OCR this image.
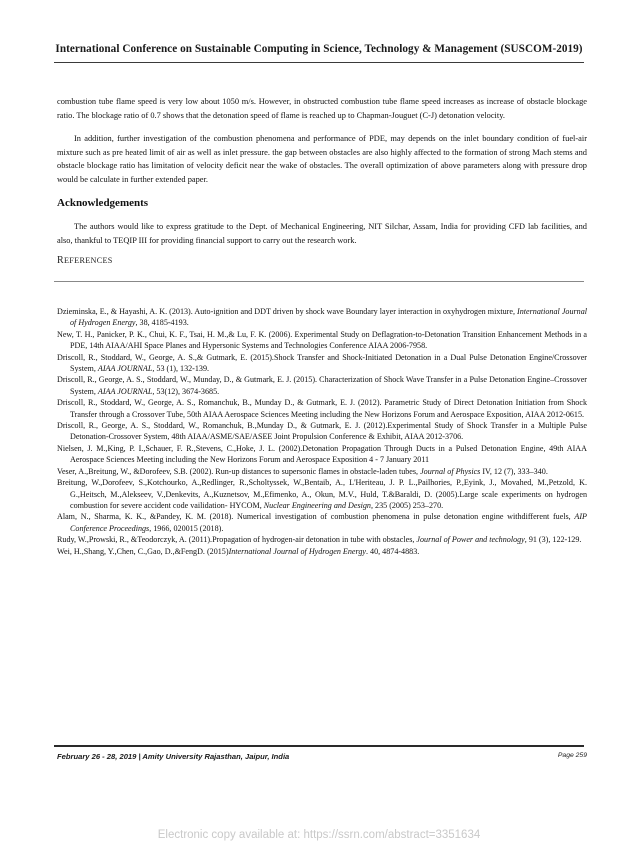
International Conference on Sustainable Computing in Science, Technology & Management (SUSCOM-2019)

combustion tube flame speed is very low about 1050 m/s. However, in obstructed combustion tube flame speed increases as increase of obstacle blockage ratio. The blockage ratio of 0.7 shows that the detonation speed of flame is reached up to Chapman-Jouguet (C-J) detonation velocity.

In addition, further investigation of the combustion phenomena and performance of PDE, may depends on the inlet boundary condition of fuel-air mixture such as pre heated limit of air as well as inlet pressure. the gap between obstacles are also highly affected to the formation of strong Mach stems and obstacle blockage ratio has limitation of velocity deficit near the wake of obstacles. The overall optimization of above parameters along with pressure drop would be calculate in further extended paper.

Acknowledgements

The authors would like to express gratitude to the Dept. of Mechanical Engineering, NIT Silchar, Assam, India for providing CFD lab facilities, and also, thankful to TEQIP III for providing financial support to carry out the research work.

REFERENCES
Dzieminska, E., & Hayashi, A. K. (2013). Auto-ignition and DDT driven by shock wave Boundary layer interaction in oxyhydrogen mixture, International Journal of Hydrogen Energy, 38, 4185-4193.
New, T. H., Panicker, P. K., Chui, K. F., Tsai, H. M.,& Lu, F. K. (2006). Experimental Study on Deflagration-to-Detonation Transition Enhancement Methods in a PDE, 14th AIAA/AHI Space Planes and Hypersonic Systems and Technologies Conference AIAA 2006-7958.
Driscoll, R., Stoddard, W., George, A. S.,& Gutmark, E. (2015).Shock Transfer and Shock-Initiated Detonation in a Dual Pulse Detonation Engine/Crossover System, AIAA JOURNAL, 53 (1), 132-139.
Driscoll, R., George, A. S., Stoddard, W., Munday, D., & Gutmark, E. J. (2015). Characterization of Shock Wave Transfer in a Pulse Detonation Engine–Crossover System, AIAA JOURNAL, 53(12), 3674-3685.
Driscoll, R., Stoddard, W., George, A. S., Romanchuk, B., Munday D., & Gutmark, E. J. (2012). Parametric Study of Direct Detonation Initiation from Shock Transfer through a Crossover Tube, 50th AIAA Aerospace Sciences Meeting including the New Horizons Forum and Aerospace Exposition, AIAA 2012-0615.
Driscoll, R., George, A. S., Stoddard, W., Romanchuk, B.,Munday D., & Gutmark, E. J. (2012).Experimental Study of Shock Transfer in a Multiple Pulse Detonation-Crossover System, 48th AIAA/ASME/SAE/ASEE Joint Propulsion Conference & Exhibit, AIAA 2012-3706.
Nielsen, J. M.,King, P. I.,Schauer, F. R.,Stevens, C.,Hoke, J. L. (2002).Detonation Propagation Through Ducts in a Pulsed Detonation Engine, 49th AIAA Aerospace Sciences Meeting including the New Horizons Forum and Aerospace Exposition 4 - 7 January 2011
Veser, A.,Breitung, W., &Dorofeev, S.B. (2002). Run-up distances to supersonic flames in obstacle-laden tubes, Journal of Physics IV, 12 (7), 333–340.
Breitung, W.,Dorofeev, S.,Kotchourko, A.,Redlinger, R.,Scholtyssek, W.,Bentaib, A., L'Heriteau, J. P. L.,Pailhories, P.,Eyink, J., Movahed, M.,Petzold, K. G.,Heitsch, M.,Alekseev, V.,Denkevits, A.,Kuznetsov, M.,Efimenko, A., Okun, M.V., Huld, T.&Baraldi, D. (2005).Large scale experiments on hydrogen combustion for severe accident code vailidation- HYCOM, Nuclear Engineering and Design, 235 (2005) 253–270.
Alam, N., Sharma, K. K., &Pandey, K. M. (2018). Numerical investigation of combustion phenomena in pulse detonation engine withdifferent fuels, AIP Conference Proceedings, 1966, 020015 (2018).
Rudy, W.,Prowski, R., &Teodorczyk, A. (2011).Propagation of hydrogen-air detonation in tube with obstacles, Journal of Power and technology, 91 (3), 122-129.
Wei, H.,Shang, Y.,Chen, C.,Gao, D.,&FengD. (2015)International Journal of Hydrogen Energy. 40, 4874-4883.
February 26 - 28, 2019 | Amity University Rajasthan, Jaipur, India	Page 259
Electronic copy available at: https://ssrn.com/abstract=3351634
